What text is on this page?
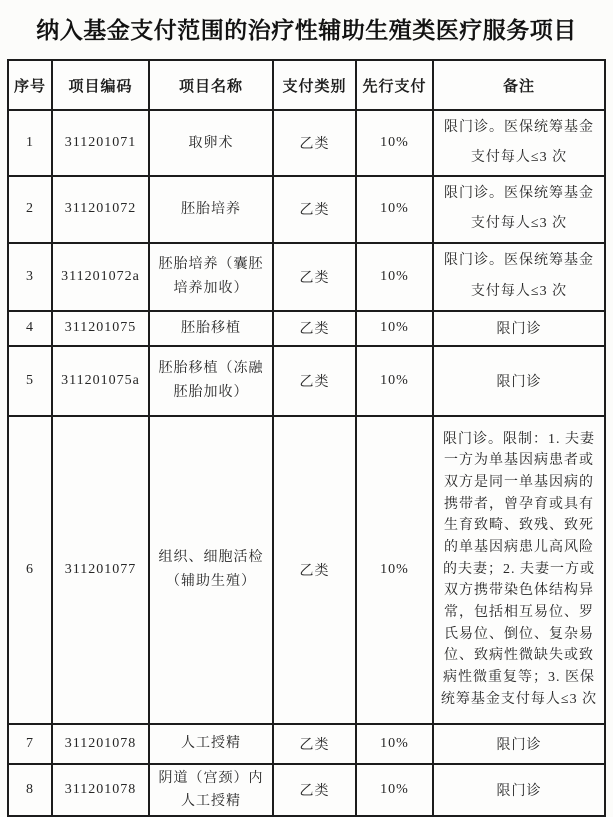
纳入基金支付范围的治疗性辅助生殖类医疗服务项目
序号	项目编码	项目名称	支付类别	先行支付	备注
1	311201071	取卵术	乙类	10%	限门诊。医保统筹基金支付每人≤3 次
2	311201072	胚胎培养	乙类	10%	限门诊。医保统筹基金支付每人≤3 次
3	311201072a	胚胎培养（囊胚培养加收）	乙类	10%	限门诊。医保统筹基金支付每人≤3 次
4	311201075	胚胎移植	乙类	10%	限门诊
5	311201075a	胚胎移植（冻融胚胎加收）	乙类	10%	限门诊
6	311201077	组织、细胞活检（辅助生殖）	乙类	10%	限门诊。限制：1. 夫妻一方为单基因病患者或双方是同一单基因病的携带者，曾孕育或具有生育致畸、致残、致死的单基因病患儿高风险的夫妻；2. 夫妻一方或双方携带染色体结构异常，包括相互易位、罗氏易位、倒位、复杂易位、致病性微缺失或致病性微重复等；3. 医保统筹基金支付每人≤3 次
7	311201078	人工授精	乙类	10%	限门诊
8	311201078	阴道（宫颈）内人工授精	乙类	10%	限门诊
